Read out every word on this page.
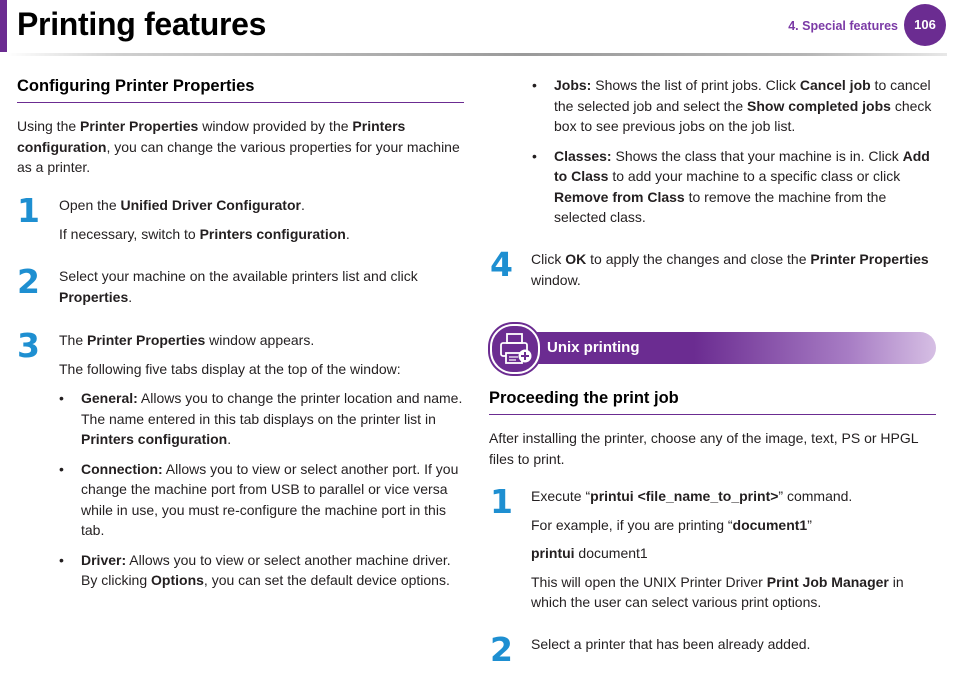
Printing features	4. Special features	106
Configuring Printer Properties

Using the Printer Properties window provided by the Printers configuration, you can change the various properties for your machine as a printer.

1 Open the Unified Driver Configurator.

If necessary, switch to Printers configuration.

2 Select your machine on the available printers list and click Properties.

3 The Printer Properties window appears.

The following five tabs display at the top of the window:

• General: Allows you to change the printer location and name. The name entered in this tab displays on the printer list in Printers configuration.
• Connection: Allows you to view or select another port. If you change the machine port from USB to parallel or vice versa while in use, you must re-configure the machine port in this tab.
• Driver: Allows you to view or select another machine driver. By clicking Options, you can set the default device options.
• Jobs: Shows the list of print jobs. Click Cancel job to cancel the selected job and select the Show completed jobs check box to see previous jobs on the job list.
• Classes: Shows the class that your machine is in. Click Add to Class to add your machine to a specific class or click Remove from Class to remove the machine from the selected class.
4 Click OK to apply the changes and close the Printer Properties window.

Unix printing
Proceeding the print job

After installing the printer, choose any of the image, text, PS or HPGL files to print.

1 Execute “printui <file_name_to_print>” command.

For example, if you are printing “document1”

printui document1

This will open the UNIX Printer Driver Print Job Manager in which the user can select various print options.

2 Select a printer that has been already added.
